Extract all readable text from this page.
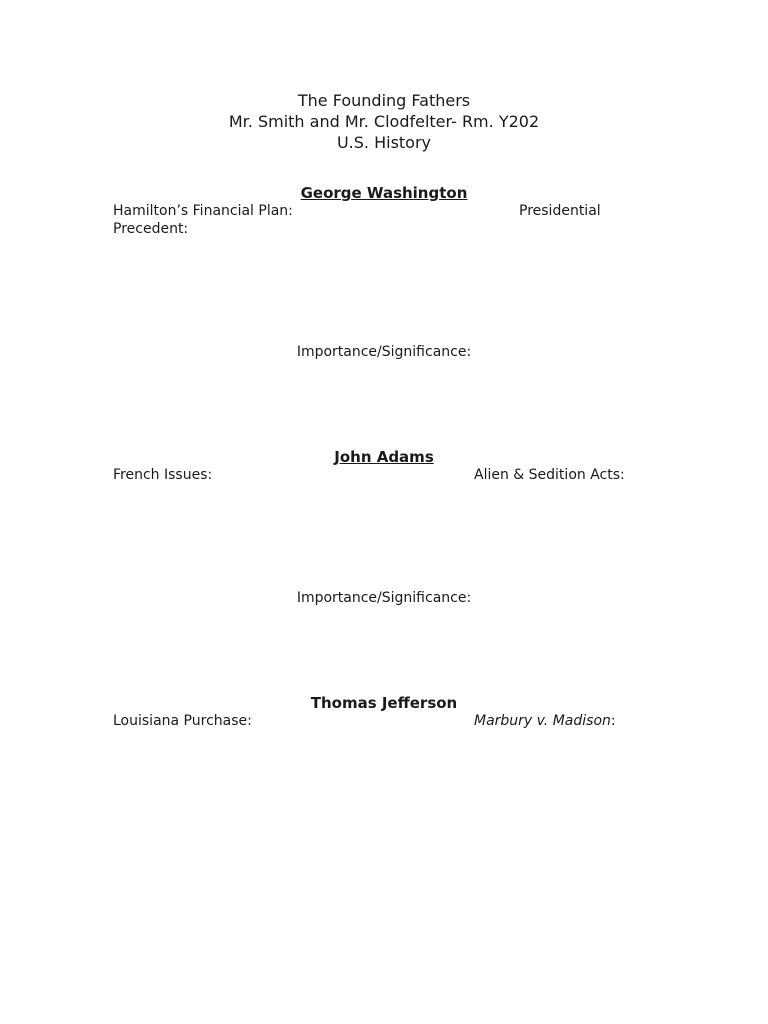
The Founding Fathers
Mr. Smith and Mr. Clodfelter- Rm. Y202
U.S. History
George Washington
Hamilton’s Financial Plan:	Presidential
Precedent:
Importance/Significance:
John Adams
French Issues:	Alien & Sedition Acts:
Importance/Significance:
Thomas Jefferson
Louisiana Purchase:	Marbury v. Madison:
